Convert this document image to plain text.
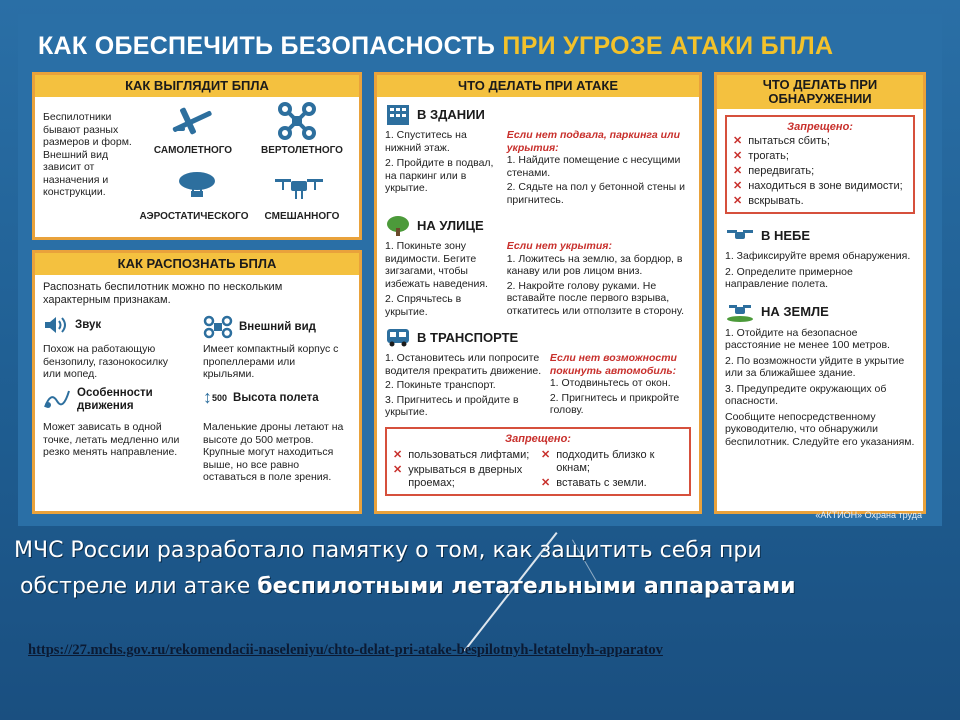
КАК ОБЕСПЕЧИТЬ БЕЗОПАСНОСТЬ ПРИ УГРОЗЕ АТАКИ БПЛА
КАК ВЫГЛЯДИТ БПЛА
Беспилотники бывают разных размеров и форм. Внешний вид зависит от назначения и конструкции.
САМОЛЕТНОГО	ВЕРТОЛЕТНОГО
АЭРОСТАТИЧЕСКОГО	СМЕШАННОГО
КАК РАСПОЗНАТЬ БПЛА
Распознать беспилотник можно по нескольким характерным признакам.
Звук
Похож на работающую бензопилу, газонокосилку или мопед.
Внешний вид
Имеет компактный корпус с пропеллерами или крыльями.
Особенности движения
Может зависать в одной точке, летать медленно или резко менять направление.
↕ 500 Высота полета
Маленькие дроны летают на высоте до 500 метров. Крупные могут находиться выше, но все равно оставаться в поле зрения.
ЧТО ДЕЛАТЬ ПРИ АТАКЕ
В ЗДАНИИ
1. Спуститесь на нижний этаж.
2. Пройдите в подвал, на паркинг или в укрытие.
Если нет подвала, паркинга или укрытия:
1. Найдите помещение с несущими стенами.
2. Сядьте на пол у бетонной стены и пригнитесь.
НА УЛИЦЕ
1. Покиньте зону видимости. Бегите зигзагами, чтобы избежать наведения.
2. Спрячьтесь в укрытие.
Если нет укрытия:
1. Ложитесь на землю, за бордюр, в канаву или ров лицом вниз.
2. Накройте голову руками. Не вставайте после первого взрыва, откатитесь или отползите в сторону.
В ТРАНСПОРТЕ
1. Остановитесь или попросите водителя прекратить движение.
2. Покиньте транспорт.
3. Пригнитесь и пройдите в укрытие.
Если нет возможности покинуть автомобиль:
1. Отодвиньтесь от окон.
2. Пригнитесь и прикройте голову.
Запрещено:
✕ пользоваться лифтами;
✕ укрываться в дверных проемах;
✕ подходить близко к окнам;
✕ вставать с земли.
ЧТО ДЕЛАТЬ ПРИ ОБНАРУЖЕНИИ
Запрещено:
✕ пытаться сбить;
✕ трогать;
✕ передвигать;
✕ находиться в зоне видимости;
✕ вскрывать.
В НЕБЕ
1. Зафиксируйте время обнаружения.
2. Определите примерное направление полета.
НА ЗЕМЛЕ
1. Отойдите на безопасное расстояние не менее 100 метров.
2. По возможности уйдите в укрытие или за ближайшее здание.
3. Предупредите окружающих об опасности.
Сообщите непосредственному руководителю, что обнаружили беспилотник. Следуйте его указаниям.
«АКТИОН» Охрана труда
МЧС России разработало памятку о том, как защитить себя при
обстреле или атаке беспилотными летательными аппаратами
https://27.mchs.gov.ru/rekomendacii-naseleniyu/chto-delat-pri-atake-bespilotnyh-letatelnyh-apparatov
